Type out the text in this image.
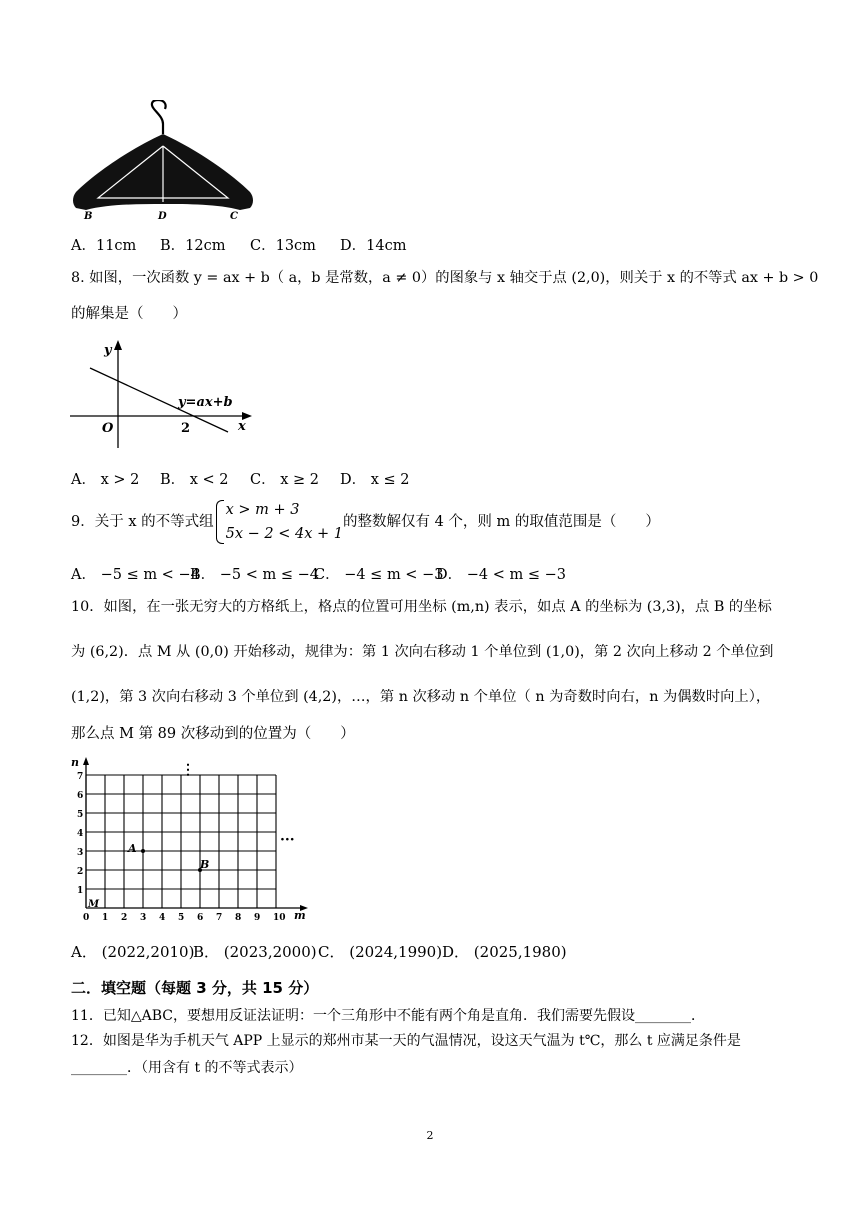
B	D	C
A．11cm B．12cm C．13cm D．14cm
8. 如图，一次函数 y = ax + b（ a，b 是常数，a ≠ 0）的图象与 x 轴交于点 (2,0)，则关于 x 的不等式 ax + b > 0
的解集是（　　）
y
x
O	2
y=ax+b
A． x > 2 B． x < 2 C． x ≥ 2 D． x ≤ 2
9．关于 x 的不等式组
x > m + 3
5x − 2 < 4x + 1
的整数解仅有 4 个，则 m 的取值范围是（　　）
A． −5 ≤ m < −4
B． −5 < m ≤ −4
C． −4 ≤ m < −3
D． −4 < m ≤ −3
10．如图，在一张无穷大的方格纸上，格点的位置可用坐标 (m,n) 表示，如点 A 的坐标为 (3,3)，点 B 的坐标
为 (6,2)．点 M 从 (0,0) 开始移动，规律为：第 1 次向右移动 1 个单位到 (1,0)，第 2 次向上移动 2 个单位到
(1,2)，第 3 次向右移动 3 个单位到 (4,2)，…，第 n 次移动 n 个单位（ n 为奇数时向右，n 为偶数时向上），
那么点 M 第 89 次移动到的位置为（　　）
7
6
5
4
3
2
1
10
9
8
7
6
5
4
3
2
1
0
n
m
⋮
···
A
B
M
A． (2022,2010)
B． (2023,2000) C． (2024,1990) D． (2025,1980)
二．填空题（每题 3 分，共 15 分）
11．已知△ABC，要想用反证法证明：一个三角形中不能有两个角是直角．我们需要先假设________．
12．如图是华为手机天气 APP 上显示的郑州市某一天的气温情况，设这天气温为 t℃，那么 t 应满足条件是
________．（用含有 t 的不等式表示）
2
